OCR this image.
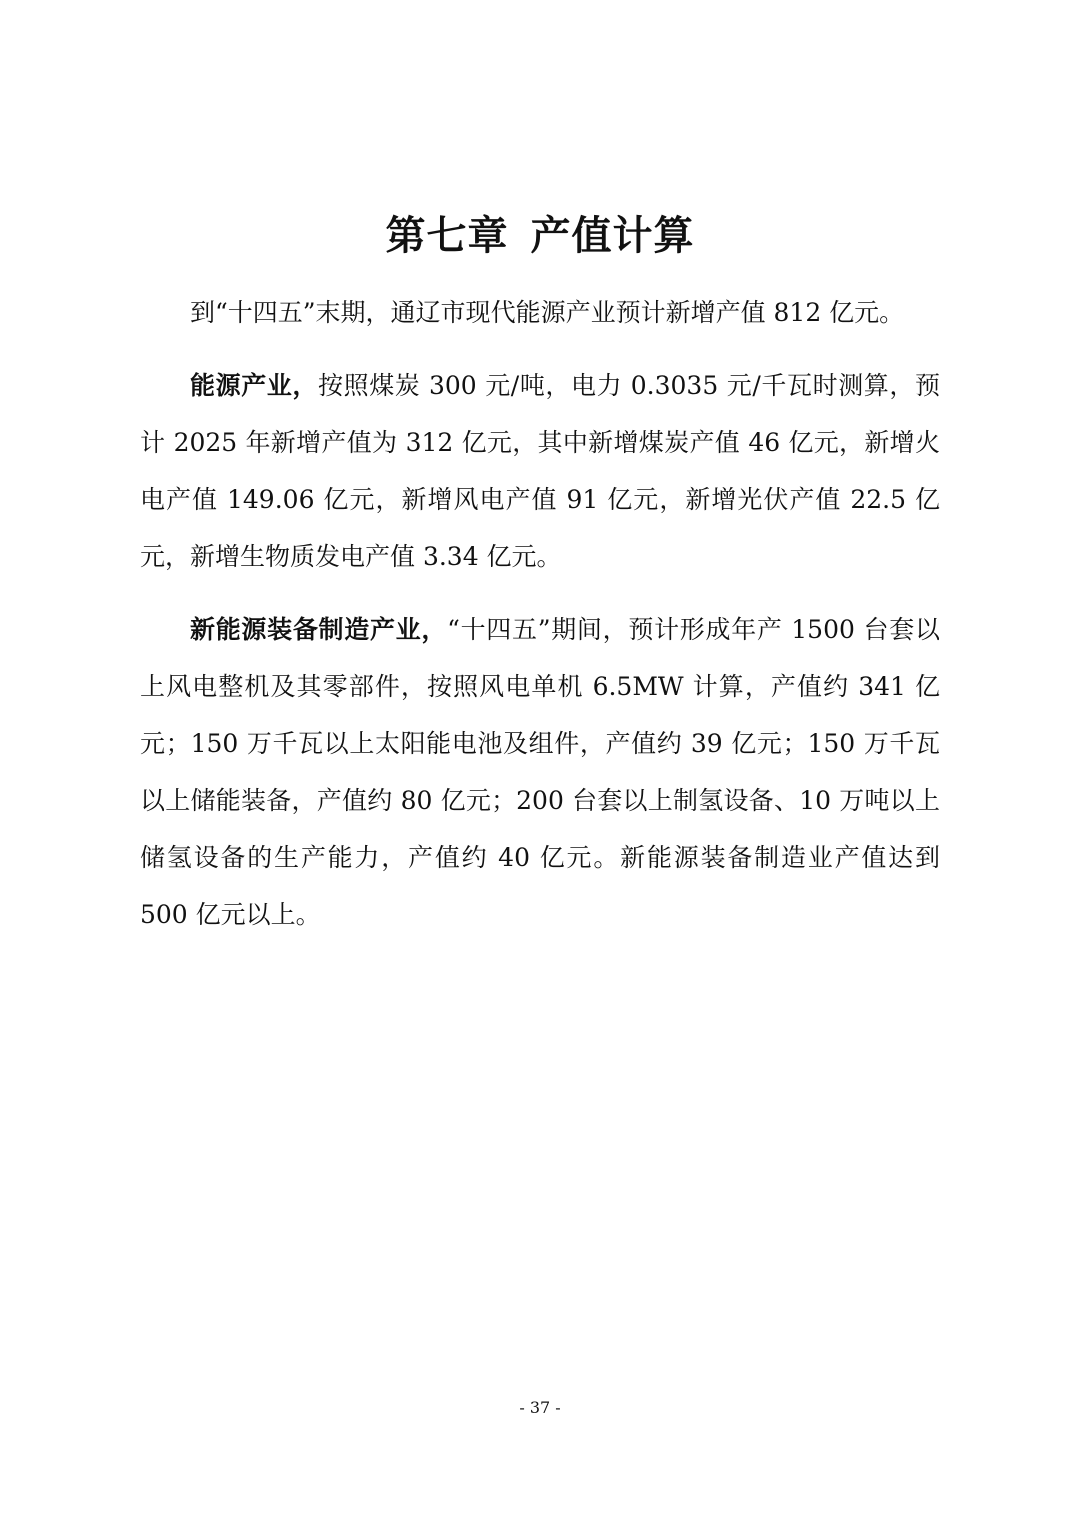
第七章 产值计算

到“十四五”末期，通辽市现代能源产业预计新增产值 812 亿元。

能源产业，按照煤炭 300 元/吨，电力 0.3035 元/千瓦时测算，预计 2025 年新增产值为 312 亿元，其中新增煤炭产值 46 亿元，新增火电产值 149.06 亿元，新增风电产值 91 亿元，新增光伏产值 22.5 亿元，新增生物质发电产值 3.34 亿元。

新能源装备制造产业，“十四五”期间，预计形成年产 1500 台套以上风电整机及其零部件，按照风电单机 6.5MW 计算，产值约 341 亿元；150 万千瓦以上太阳能电池及组件，产值约 39 亿元；150 万千瓦以上储能装备，产值约 80 亿元；200 台套以上制氢设备、10 万吨以上储氢设备的生产能力，产值约 40 亿元。新能源装备制造业产值达到 500 亿元以上。

- 37 -
